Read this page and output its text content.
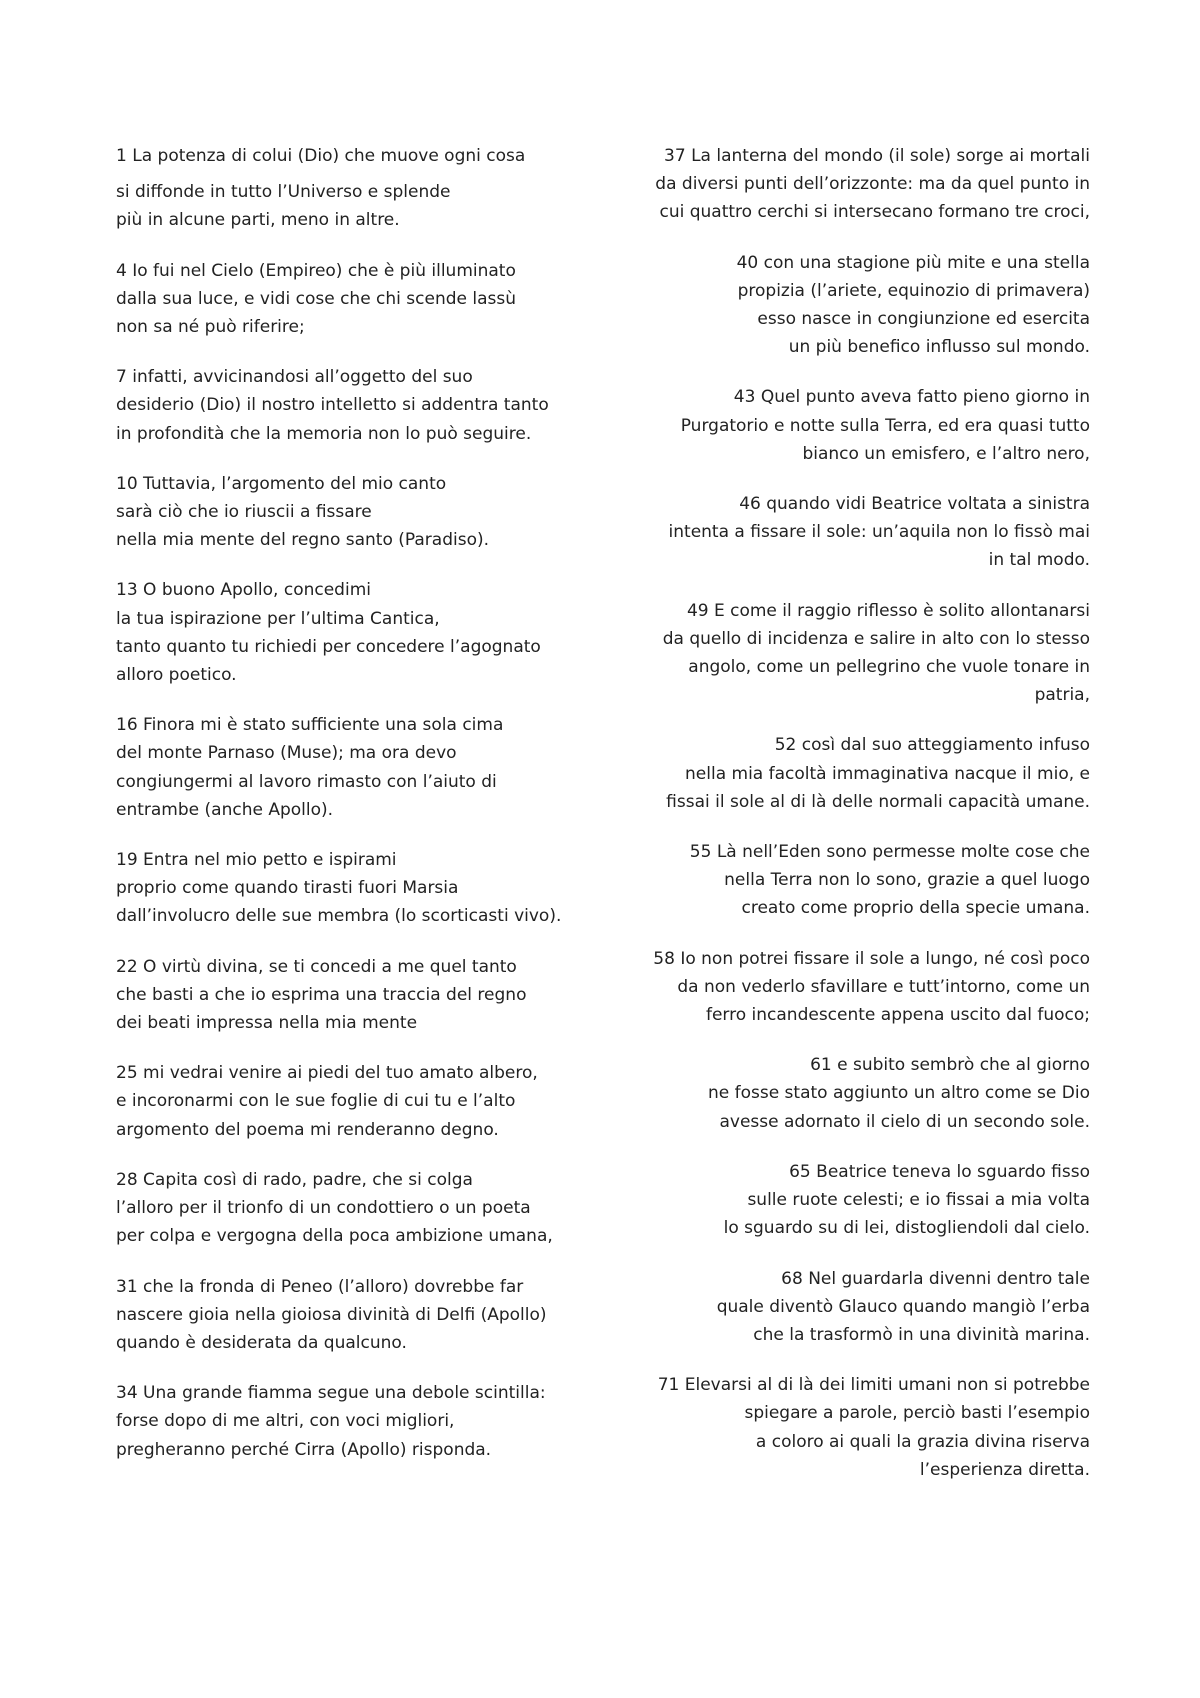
1 La potenza di colui (Dio) che muove ogni cosa
si diffonde in tutto l’Universo e splende
più in alcune parti, meno in altre.
4 Io fui nel Cielo (Empireo) che è più illuminato
dalla sua luce, e vidi cose che chi scende lassù
non sa né può riferire;
7 infatti, avvicinandosi all’oggetto del suo
desiderio (Dio) il nostro intelletto si addentra tanto
in profondità che la memoria non lo può seguire.
10 Tuttavia, l’argomento del mio canto
sarà ciò che io riuscii a fissare
nella mia mente del regno santo (Paradiso).
13 O buono Apollo, concedimi
la tua ispirazione per l’ultima Cantica,
tanto quanto tu richiedi per concedere l’agognato
alloro poetico.
16 Finora mi è stato sufficiente una sola cima
del monte Parnaso (Muse); ma ora devo
congiungermi al lavoro rimasto con l’aiuto di
entrambe (anche Apollo).
19 Entra nel mio petto e ispirami
proprio come quando tirasti fuori Marsia
dall’involucro delle sue membra (lo scorticasti vivo).
22 O virtù divina, se ti concedi a me quel tanto
che basti a che io esprima una traccia del regno
dei beati impressa nella mia mente
25 mi vedrai venire ai piedi del tuo amato albero,
e incoronarmi con le sue foglie di cui tu e l’alto
argomento del poema mi renderanno degno.
28 Capita così di rado, padre, che si colga
l’alloro per il trionfo di un condottiero o un poeta
per colpa e vergogna della poca ambizione umana,
31 che la fronda di Peneo (l’alloro) dovrebbe far
nascere gioia nella gioiosa divinità di Delfi (Apollo)
quando è desiderata da qualcuno.
34 Una grande fiamma segue una debole scintilla:
forse dopo di me altri, con voci migliori,
pregheranno perché Cirra (Apollo) risponda.
37 La lanterna del mondo (il sole) sorge ai mortali
da diversi punti dell’orizzonte: ma da quel punto in
cui quattro cerchi si intersecano formano tre croci,
40 con una stagione più mite e una stella
propizia (l’ariete, equinozio di primavera)
esso nasce in congiunzione ed esercita
un più benefico influsso sul mondo.
43 Quel punto aveva fatto pieno giorno in
Purgatorio e notte sulla Terra, ed era quasi tutto
bianco un emisfero, e l’altro nero,
46 quando vidi Beatrice voltata a sinistra
intenta a fissare il sole: un’aquila non lo fissò mai
in tal modo.
49 E come il raggio riflesso è solito allontanarsi
da quello di incidenza e salire in alto con lo stesso
angolo, come un pellegrino che vuole tonare in
patria,
52 così dal suo atteggiamento infuso
nella mia facoltà immaginativa nacque il mio, e
fissai il sole al di là delle normali capacità umane.
55 Là nell’Eden sono permesse molte cose che
nella Terra non lo sono, grazie a quel luogo
creato come proprio della specie umana.
58 Io non potrei fissare il sole a lungo, né così poco
da non vederlo sfavillare e tutt’intorno, come un
ferro incandescente appena uscito dal fuoco;
61 e subito sembrò che al giorno
ne fosse stato aggiunto un altro come se Dio
avesse adornato il cielo di un secondo sole.
65 Beatrice teneva lo sguardo fisso
sulle ruote celesti; e io fissai a mia volta
lo sguardo su di lei, distogliendoli dal cielo.
68 Nel guardarla divenni dentro tale
quale diventò Glauco quando mangiò l’erba
che la trasformò in una divinità marina.
71 Elevarsi al di là dei limiti umani non si potrebbe
spiegare a parole, perciò basti l’esempio
a coloro ai quali la grazia divina riserva
l’esperienza diretta.
